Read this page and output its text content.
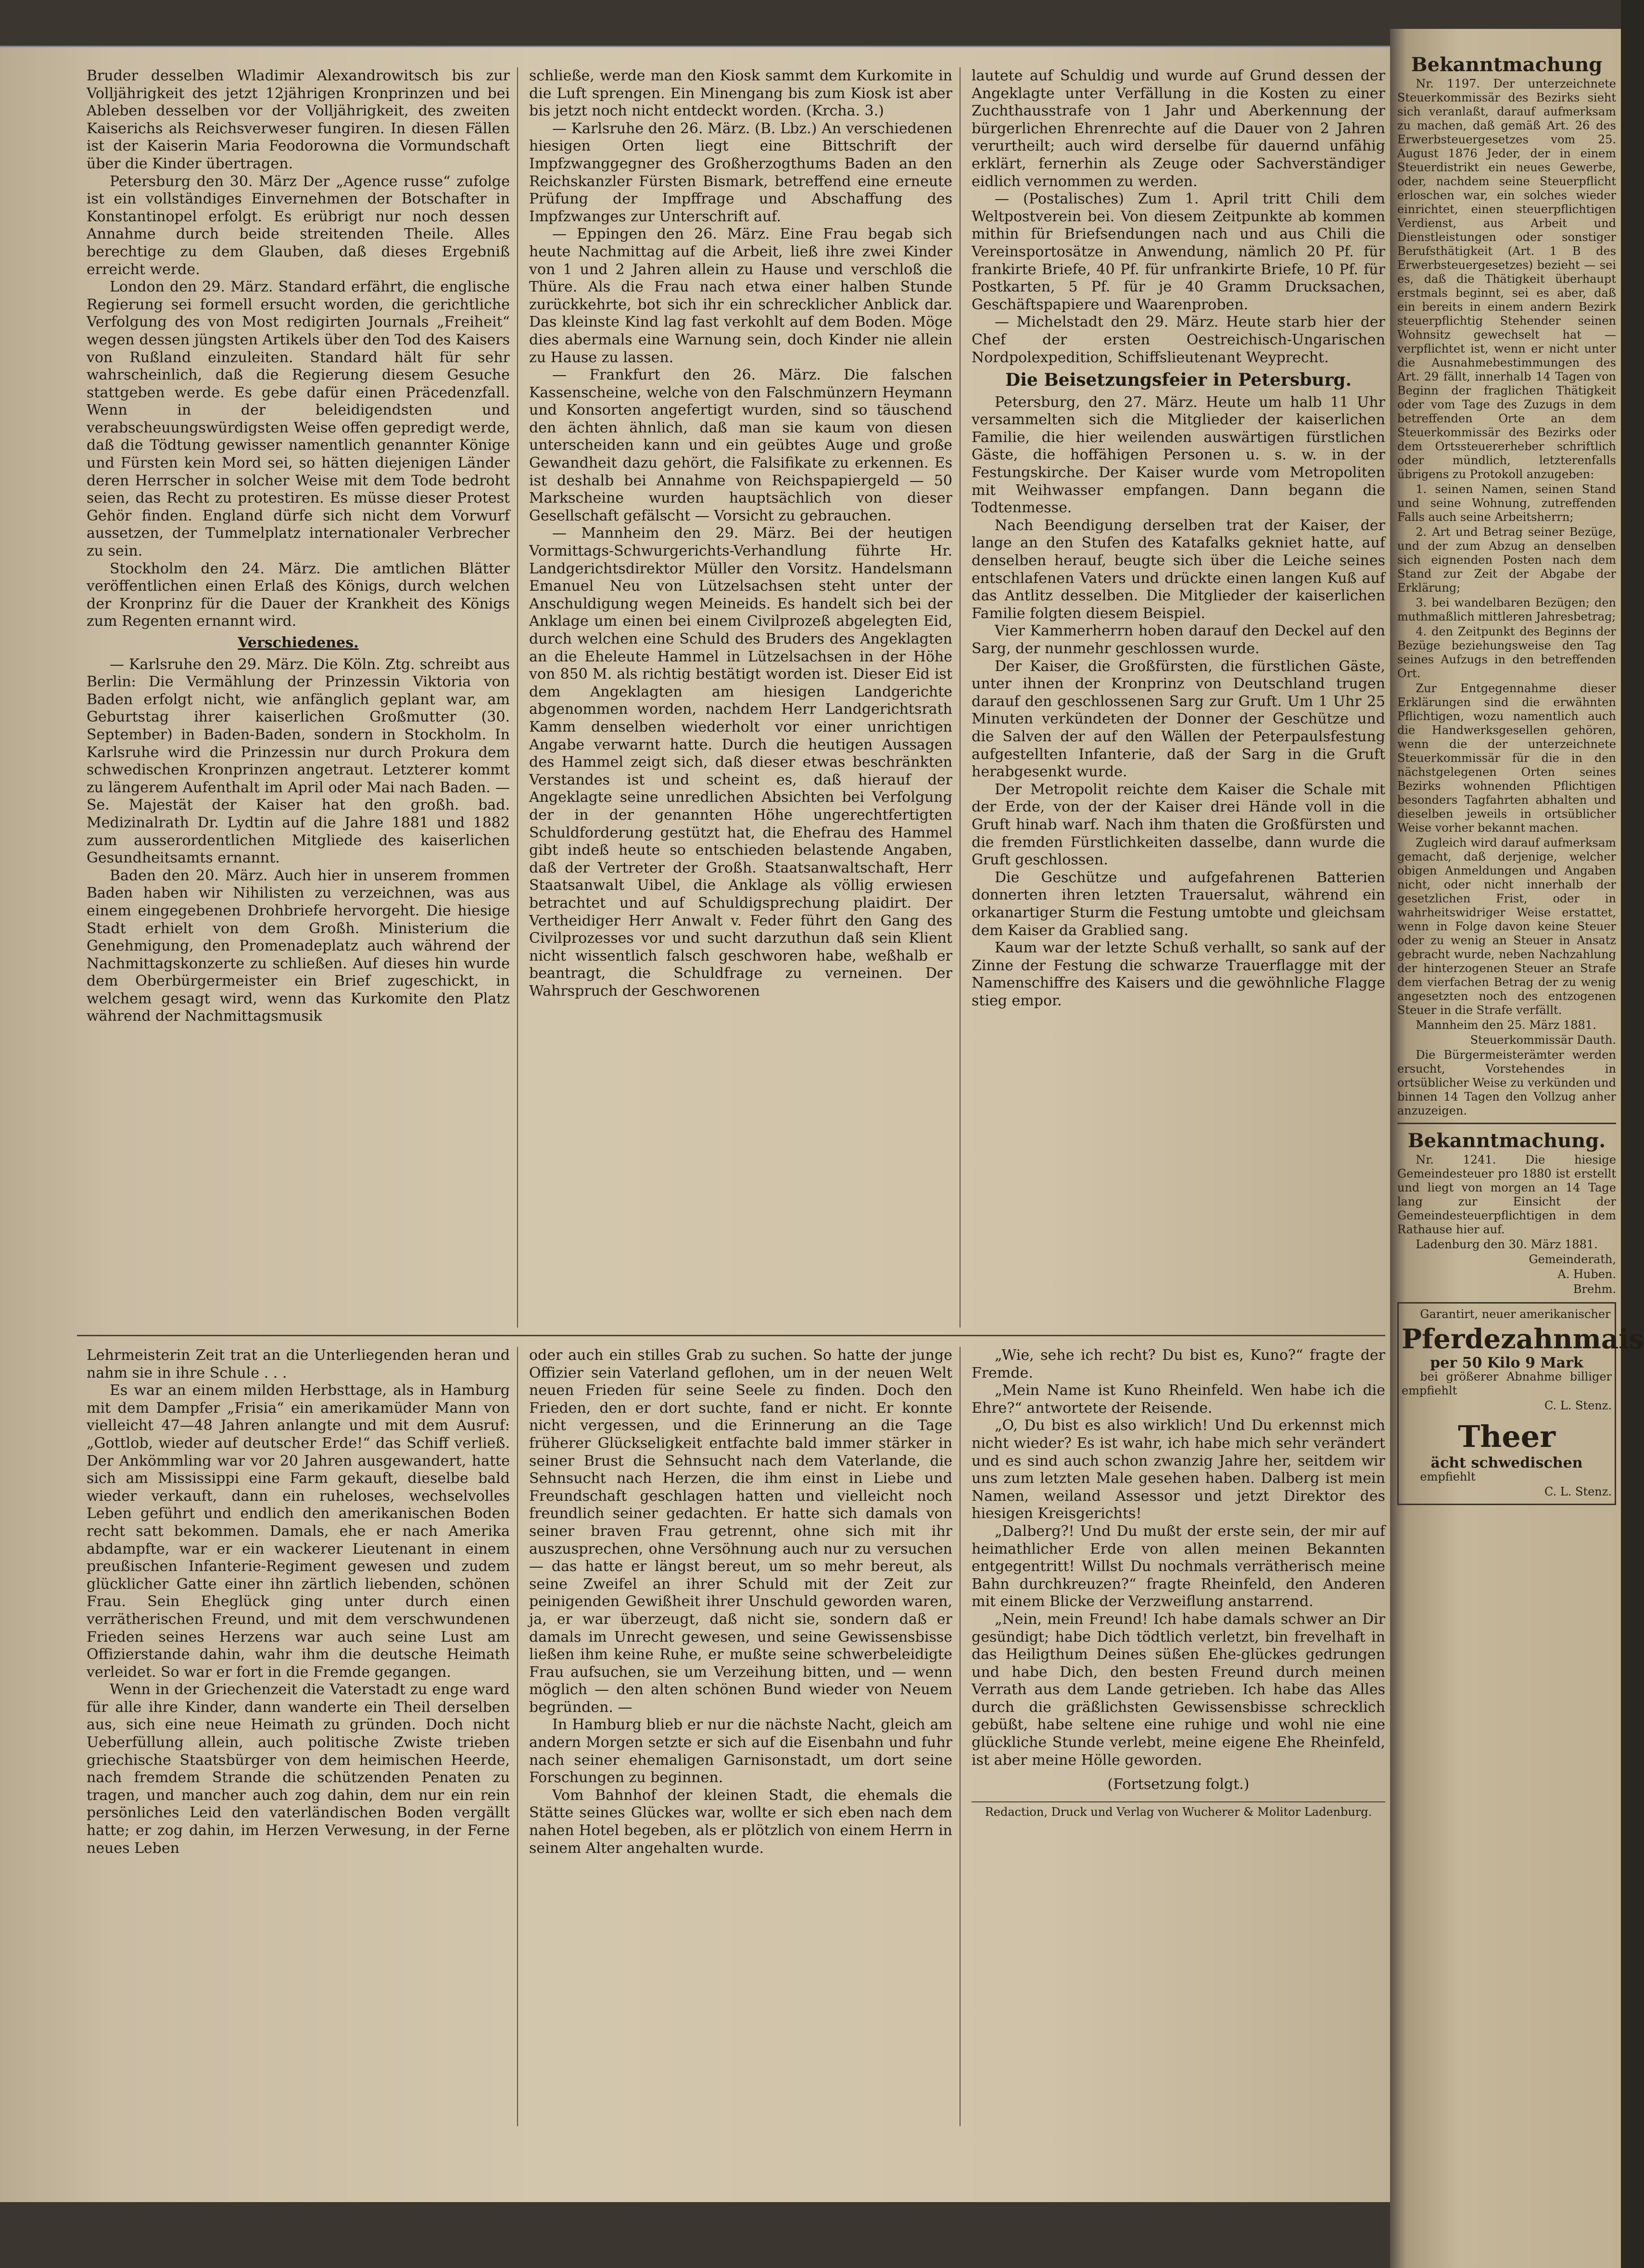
Bruder desselben Wladimir Alexandrowitsch bis zur Volljährigkeit des jetzt 12jährigen Kronprinzen und bei Ableben desselben vor der Volljährigkeit, des zweiten Kaiserichs als Reichsverweser fungiren. In diesen Fällen ist der Kaiserin Maria Feodorowna die Vormundschaft über die Kinder übertragen.

Petersburg den 30. März Der „Agence russe“ zufolge ist ein vollständiges Einvernehmen der Botschafter in Konstantinopel erfolgt. Es erübrigt nur noch dessen Annahme durch beide streitenden Theile. Alles berechtige zu dem Glauben, daß dieses Ergebniß erreicht werde.

London den 29. März. Standard erfährt, die englische Regierung sei formell ersucht worden, die gerichtliche Verfolgung des von Most redigirten Journals „Freiheit“ wegen dessen jüngsten Artikels über den Tod des Kaisers von Rußland einzuleiten. Standard hält für sehr wahrscheinlich, daß die Regierung diesem Gesuche stattgeben werde. Es gebe dafür einen Präcedenzfall. Wenn in der beleidigendsten und verabscheuungswürdigsten Weise offen gepredigt werde, daß die Tödtung gewisser namentlich genannter Könige und Fürsten kein Mord sei, so hätten diejenigen Länder deren Herrscher in solcher Weise mit dem Tode bedroht seien, das Recht zu protestiren. Es müsse dieser Protest Gehör finden. England dürfe sich nicht dem Vorwurf aussetzen, der Tummelplatz internationaler Verbrecher zu sein.

Stockholm den 24. März. Die amtlichen Blätter veröffentlichen einen Erlaß des Königs, durch welchen der Kronprinz für die Dauer der Krankheit des Königs zum Regenten ernannt wird.

Verschiedenes.

— Karlsruhe den 29. März. Die Köln. Ztg. schreibt aus Berlin: Die Vermählung der Prinzessin Viktoria von Baden erfolgt nicht, wie anfänglich geplant war, am Geburtstag ihrer kaiserlichen Großmutter (30. September) in Baden-Baden, sondern in Stockholm. In Karlsruhe wird die Prinzessin nur durch Prokura dem schwedischen Kronprinzen angetraut. Letzterer kommt zu längerem Aufenthalt im April oder Mai nach Baden. — Se. Majestät der Kaiser hat den großh. bad. Medizinalrath Dr. Lydtin auf die Jahre 1881 und 1882 zum ausserordentlichen Mitgliede des kaiserlichen Gesundheitsamts ernannt.

Baden den 20. März. Auch hier in unserem frommen Baden haben wir Nihilisten zu verzeichnen, was aus einem eingegebenen Drohbriefe hervorgeht. Die hiesige Stadt erhielt von dem Großh. Ministerium die Genehmigung, den Promenadeplatz auch während der Nachmittagskonzerte zu schließen. Auf dieses hin wurde dem Oberbürgermeister ein Brief zugeschickt, in welchem gesagt wird, wenn das Kurkomite den Platz während der Nachmittagsmusik

schließe, werde man den Kiosk sammt dem Kurkomite in die Luft sprengen. Ein Minengang bis zum Kiosk ist aber bis jetzt noch nicht entdeckt worden. (Krcha. 3.)

— Karlsruhe den 26. März. (B. Lbz.) An verschiedenen hiesigen Orten liegt eine Bittschrift der Impfzwanggegner des Großherzogthums Baden an den Reichskanzler Fürsten Bismark, betreffend eine erneute Prüfung der Impffrage und Abschaffung des Impfzwanges zur Unterschrift auf.

— Eppingen den 26. März. Eine Frau begab sich heute Nachmittag auf die Arbeit, ließ ihre zwei Kinder von 1 und 2 Jahren allein zu Hause und verschloß die Thüre. Als die Frau nach etwa einer halben Stunde zurückkehrte, bot sich ihr ein schrecklicher Anblick dar. Das kleinste Kind lag fast verkohlt auf dem Boden. Möge dies abermals eine Warnung sein, doch Kinder nie allein zu Hause zu lassen.

— Frankfurt den 26. März. Die falschen Kassenscheine, welche von den Falschmünzern Heymann und Konsorten angefertigt wurden, sind so täuschend den ächten ähnlich, daß man sie kaum von diesen unterscheiden kann und ein geübtes Auge und große Gewandheit dazu gehört, die Falsifikate zu erkennen. Es ist deshalb bei Annahme von Reichspapiergeld — 50 Markscheine wurden hauptsächlich von dieser Gesellschaft gefälscht — Vorsicht zu gebrauchen.

— Mannheim den 29. März. Bei der heutigen Vormittags-Schwurgerichts-Verhandlung führte Hr. Landgerichtsdirektor Müller den Vorsitz. Handelsmann Emanuel Neu von Lützelsachsen steht unter der Anschuldigung wegen Meineids. Es handelt sich bei der Anklage um einen bei einem Civilprozeß abgelegten Eid, durch welchen eine Schuld des Bruders des Angeklagten an die Eheleute Hammel in Lützelsachsen in der Höhe von 850 M. als richtig bestätigt worden ist. Dieser Eid ist dem Angeklagten am hiesigen Landgerichte abgenommen worden, nachdem Herr Landgerichtsrath Kamm denselben wiederholt vor einer unrichtigen Angabe verwarnt hatte. Durch die heutigen Aussagen des Hammel zeigt sich, daß dieser etwas beschränkten Verstandes ist und scheint es, daß hierauf der Angeklagte seine unredlichen Absichten bei Verfolgung der in der genannten Höhe ungerechtfertigten Schuldforderung gestützt hat, die Ehefrau des Hammel gibt indeß heute so entschieden belastende Angaben, daß der Vertreter der Großh. Staatsanwaltschaft, Herr Staatsanwalt Uibel, die Anklage als völlig erwiesen betrachtet und auf Schuldigsprechung plaidirt. Der Vertheidiger Herr Anwalt v. Feder führt den Gang des Civilprozesses vor und sucht darzuthun daß sein Klient nicht wissentlich falsch geschworen habe, weßhalb er beantragt, die Schuldfrage zu verneinen. Der Wahrspruch der Geschworenen

lautete auf Schuldig und wurde auf Grund dessen der Angeklagte unter Verfällung in die Kosten zu einer Zuchthausstrafe von 1 Jahr und Aberkennung der bürgerlichen Ehrenrechte auf die Dauer von 2 Jahren verurtheilt; auch wird derselbe für dauernd unfähig erklärt, fernerhin als Zeuge oder Sachverständiger eidlich vernommen zu werden.

— (Postalisches) Zum 1. April tritt Chili dem Weltpostverein bei. Von diesem Zeitpunkte ab kommen mithin für Briefsendungen nach und aus Chili die Vereinsportosätze in Anwendung, nämlich 20 Pf. für frankirte Briefe, 40 Pf. für unfrankirte Briefe, 10 Pf. für Postkarten, 5 Pf. für je 40 Gramm Drucksachen, Geschäftspapiere und Waarenproben.

— Michelstadt den 29. März. Heute starb hier der Chef der ersten Oestreichisch-Ungarischen Nordpolexpedition, Schiffslieutenant Weyprecht.

Die Beisetzungsfeier in Petersburg.

Petersburg, den 27. März. Heute um halb 11 Uhr versammelten sich die Mitglieder der kaiserlichen Familie, die hier weilenden auswärtigen fürstlichen Gäste, die hoffähigen Personen u. s. w. in der Festungskirche. Der Kaiser wurde vom Metropoliten mit Weihwasser empfangen. Dann begann die Todtenmesse.

Nach Beendigung derselben trat der Kaiser, der lange an den Stufen des Katafalks gekniet hatte, auf denselben herauf, beugte sich über die Leiche seines entschlafenen Vaters und drückte einen langen Kuß auf das Antlitz desselben. Die Mitglieder der kaiserlichen Familie folgten diesem Beispiel.

Vier Kammerherrn hoben darauf den Deckel auf den Sarg, der nunmehr geschlossen wurde.

Der Kaiser, die Großfürsten, die fürstlichen Gäste, unter ihnen der Kronprinz von Deutschland trugen darauf den geschlossenen Sarg zur Gruft. Um 1 Uhr 25 Minuten verkündeten der Donner der Geschütze und die Salven der auf den Wällen der Peterpaulsfestung aufgestellten Infanterie, daß der Sarg in die Gruft herabgesenkt wurde.

Der Metropolit reichte dem Kaiser die Schale mit der Erde, von der der Kaiser drei Hände voll in die Gruft hinab warf. Nach ihm thaten die Großfürsten und die fremden Fürstlichkeiten dasselbe, dann wurde die Gruft geschlossen.

Die Geschütze und aufgefahrenen Batterien donnerten ihren letzten Trauersalut, während ein orkanartiger Sturm die Festung umtobte und gleichsam dem Kaiser da Grablied sang.

Kaum war der letzte Schuß verhallt, so sank auf der Zinne der Festung die schwarze Trauerflagge mit der Namenschiffre des Kaisers und die gewöhnliche Flagge stieg empor.

Lehrmeisterin Zeit trat an die Unterliegenden heran und nahm sie in ihre Schule . . .

Es war an einem milden Herbsttage, als in Hamburg mit dem Dampfer „Frisia“ ein amerikamüder Mann von vielleicht 47—48 Jahren anlangte und mit dem Ausruf: „Gottlob, wieder auf deutscher Erde!“ das Schiff verließ. Der Ankömmling war vor 20 Jahren ausgewandert, hatte sich am Mississippi eine Farm gekauft, dieselbe bald wieder verkauft, dann ein ruheloses, wechselvolles Leben geführt und endlich den amerikanischen Boden recht satt bekommen. Damals, ehe er nach Amerika abdampfte, war er ein wackerer Lieutenant in einem preußischen Infanterie-Regiment gewesen und zudem glücklicher Gatte einer ihn zärtlich liebenden, schönen Frau. Sein Eheglück ging unter durch einen verrätherischen Freund, und mit dem verschwundenen Frieden seines Herzens war auch seine Lust am Offizierstande dahin, wahr ihm die deutsche Heimath verleidet. So war er fort in die Fremde gegangen.

Wenn in der Griechenzeit die Vaterstadt zu enge ward für alle ihre Kinder, dann wanderte ein Theil derselben aus, sich eine neue Heimath zu gründen. Doch nicht Ueberfüllung allein, auch politische Zwiste trieben griechische Staatsbürger von dem heimischen Heerde, nach fremdem Strande die schützenden Penaten zu tragen, und mancher auch zog dahin, dem nur ein rein persönliches Leid den vaterländischen Boden vergällt hatte; er zog dahin, im Herzen Verwesung, in der Ferne neues Leben

oder auch ein stilles Grab zu suchen. So hatte der junge Offizier sein Vaterland geflohen, um in der neuen Welt neuen Frieden für seine Seele zu finden. Doch den Frieden, den er dort suchte, fand er nicht. Er konnte nicht vergessen, und die Erinnerung an die Tage früherer Glückseligkeit entfachte bald immer stärker in seiner Brust die Sehnsucht nach dem Vaterlande, die Sehnsucht nach Herzen, die ihm einst in Liebe und Freundschaft geschlagen hatten und vielleicht noch freundlich seiner gedachten. Er hatte sich damals von seiner braven Frau getrennt, ohne sich mit ihr auszusprechen, ohne Versöhnung auch nur zu versuchen — das hatte er längst bereut, um so mehr bereut, als seine Zweifel an ihrer Schuld mit der Zeit zur peinigenden Gewißheit ihrer Unschuld geworden waren, ja, er war überzeugt, daß nicht sie, sondern daß er damals im Unrecht gewesen, und seine Gewissensbisse ließen ihm keine Ruhe, er mußte seine schwerbeleidigte Frau aufsuchen, sie um Verzeihung bitten, und — wenn möglich — den alten schönen Bund wieder von Neuem begründen. —

In Hamburg blieb er nur die nächste Nacht, gleich am andern Morgen setzte er sich auf die Eisenbahn und fuhr nach seiner ehemaligen Garnisonstadt, um dort seine Forschungen zu beginnen.

Vom Bahnhof der kleinen Stadt, die ehemals die Stätte seines Glückes war, wollte er sich eben nach dem nahen Hotel begeben, als er plötzlich von einem Herrn in seinem Alter angehalten wurde.

„Wie, sehe ich recht? Du bist es, Kuno?“ fragte der Fremde.

„Mein Name ist Kuno Rheinfeld. Wen habe ich die Ehre?“ antwortete der Reisende.

„O, Du bist es also wirklich! Und Du erkennst mich nicht wieder? Es ist wahr, ich habe mich sehr verändert und es sind auch schon zwanzig Jahre her, seitdem wir uns zum letzten Male gesehen haben. Dalberg ist mein Namen, weiland Assessor und jetzt Direktor des hiesigen Kreisgerichts!

„Dalberg?! Und Du mußt der erste sein, der mir auf heimathlicher Erde von allen meinen Bekannten entgegentritt! Willst Du nochmals verrätherisch meine Bahn durchkreuzen?“ fragte Rheinfeld, den Anderen mit einem Blicke der Verzweiflung anstarrend.

„Nein, mein Freund! Ich habe damals schwer an Dir gesündigt; habe Dich tödtlich verletzt, bin frevelhaft in das Heiligthum Deines süßen Ehe-glückes gedrungen und habe Dich, den besten Freund durch meinen Verrath aus dem Lande getrieben. Ich habe das Alles durch die gräßlichsten Gewissensbisse schrecklich gebüßt, habe seltene eine ruhige und wohl nie eine glückliche Stunde verlebt, meine eigene Ehe Rheinfeld, ist aber meine Hölle geworden.

(Fortsetzung folgt.)
Redaction, Druck und Verlag von Wucherer & Molitor Ladenburg.
Bekanntmachung

Nr. 1197. Der unterzeichnete Steuerkommissär des Bezirks sieht sich veranlaßt, darauf aufmerksam zu machen, daß gemäß Art. 26 des Erwerbsteuergesetzes vom 25. August 1876 Jeder, der in einem Steuerdistrikt ein neues Gewerbe, oder, nachdem seine Steuerpflicht erloschen war, ein solches wieder einrichtet, einen steuerpflichtigen Verdienst, aus Arbeit und Dienstleistungen oder sonstiger Berufsthätigkeit (Art. 1 B des Erwerbsteuergesetzes) bezieht — sei es, daß die Thätigkeit überhaupt erstmals beginnt, sei es aber, daß ein bereits in einem andern Bezirk steuerpflichtig Stehender seinen Wohnsitz gewechselt hat — verpflichtet ist, wenn er nicht unter die Ausnahmebestimmungen des Art. 29 fällt, innerhalb 14 Tagen von Beginn der fraglichen Thätigkeit oder vom Tage des Zuzugs in dem betreffenden Orte an dem Steuerkommissär des Bezirks oder dem Ortssteuererheber schriftlich oder mündlich, letzterenfalls übrigens zu Protokoll anzugeben:

1. seinen Namen, seinen Stand und seine Wohnung, zutreffenden Falls auch seine Arbeitsherrn;

2. Art und Betrag seiner Bezüge, und der zum Abzug an denselben sich eignenden Posten nach dem Stand zur Zeit der Abgabe der Erklärung;

3. bei wandelbaren Bezügen; den muthmaßlich mittleren Jahresbetrag;

4. den Zeitpunkt des Beginns der Bezüge beziehungsweise den Tag seines Aufzugs in den betreffenden Ort.

Zur Entgegennahme dieser Erklärungen sind die erwähnten Pflichtigen, wozu namentlich auch die Handwerksgesellen gehören, wenn die der unterzeichnete Steuerkommissär für die in den nächstgelegenen Orten seines Bezirks wohnenden Pflichtigen besonders Tagfahrten abhalten und dieselben jeweils in ortsüblicher Weise vorher bekannt machen.

Zugleich wird darauf aufmerksam gemacht, daß derjenige, welcher obigen Anmeldungen und Angaben nicht, oder nicht innerhalb der gesetzlichen Frist, oder in wahrheitswidriger Weise erstattet, wenn in Folge davon keine Steuer oder zu wenig an Steuer in Ansatz gebracht wurde, neben Nachzahlung der hinterzogenen Steuer an Strafe dem vierfachen Betrag der zu wenig angesetzten noch des entzogenen Steuer in die Strafe verfällt.

Mannheim den 25. März 1881.

Steuerkommissär Dauth.

Die Bürgermeisterämter werden ersucht, Vorstehendes in ortsüblicher Weise zu verkünden und binnen 14 Tagen den Vollzug anher anzuzeigen.

Bekanntmachung.

Nr. 1241. Die hiesige Gemeindesteuer pro 1880 ist erstellt und liegt von morgen an 14 Tage lang zur Einsicht der Gemeindesteuerpflichtigen in dem Rathause hier auf.

Ladenburg den 30. März 1881.

Gemeinderath,

A. Huben.

Brehm.

Garantirt, neuer amerikanischer

Pferdezahnmais
per 50 Kilo 9 Mark

bei größerer Abnahme billiger empfiehlt

C. L. Stenz.

Theer
ächt schwedischen

empfiehlt

C. L. Stenz.
